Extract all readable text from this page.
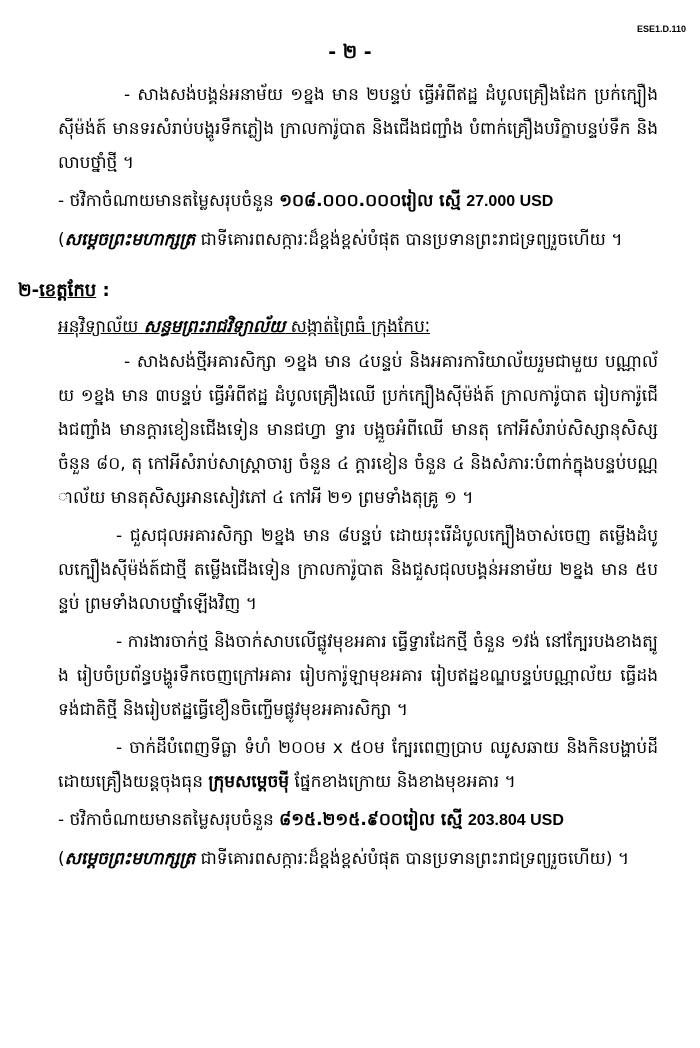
ESE1.D.110
- ២ -

- សាងសង់បង្គន់អនាម័យ ១ខ្នង មាន ២បន្ទប់ ធ្វើអំពីឥដ្ឋ ដំបូលគ្រឿងដែក ប្រក់ក្បឿងស៊ីម៉ង់ត៍ មានទរសំរាប់បង្ហូរទឹកភ្លៀង ក្រាលការ៉ូបាត និងជើងជញ្ជាំង បំពាក់គ្រឿងបរិក្ខាបន្ទប់ទឹក និងលាបថ្នាំថ្មី ។

- ថវិកាចំណាយមានតម្លៃសរុបចំនួន ១០៨.០០០.០០០រៀល ស្មើ 27.000 USD

(សម្តេចព្រះមហាក្សត្រ ជាទីគោរពសក្ការៈដ៏ខ្ពង់ខ្ពស់បំផុត បានប្រទានព្រះរាជទ្រព្យរួចហើយ ។

២-ខេត្តកែប :
អនុវិទ្យាល័យ សន្ធមព្រះរាជវិទ្យាល័យ សង្កាត់ព្រៃធំ ក្រុងកែបៈ

- សាងសង់ថ្មីអគារសិក្សា ១ខ្នង មាន ៤បន្ទប់ និងអគារការិយាល័យរួមជាមួយ បណ្ណាល័យ ១ខ្នង មាន ៣បន្ទប់ ធ្វើអំពីឥដ្ឋ ដំបូលគ្រឿងឈើ ប្រក់ក្បឿងស៊ីម៉ង់ត៍ ក្រាលការ៉ូបាត រៀបការ៉ូជើងជញ្ជាំង មានក្ដារខៀនជើងទៀន មានជហ្វា ទ្វារ បង្អួចអំពីឈើ មានតុ កៅអីសំរាប់សិស្សានុសិស្ស ចំនួន ៨០, តុ កៅអីសំរាប់សាស្ត្រាចារ្យ ចំនួន ៤ ក្ដារខៀន ចំនួន ៤ និងសំភារៈបំពាក់ក្នុងបន្ទប់បណ្ណាល័យ មានតុសិស្សអានសៀវភៅ ៤ កៅអី ២១ ព្រមទាំងតុគ្រូ ១ ។

- ជួសជុលអគារសិក្សា ២ខ្នង មាន ៨បន្ទប់ ដោយរុះរើដំបូលក្បឿងចាស់ចេញ តម្លើងដំបូលក្បឿងស៊ីម៉ង់ត៍ជាថ្មី តម្លើងជើងទៀន ក្រាលការ៉ូបាត និងជួសជុលបង្គន់អនាម័យ ២ខ្នង មាន ៥បន្ទប់ ព្រមទាំងលាបថ្នាំឡើងវិញ ។

- ការងារចាក់ថ្ម និងចាក់សាបលើផ្លូវមុខអគារ ធ្វើទ្វារដែកថ្មី ចំនួន ១វង់ នៅក្បែរបងខាងត្បូង រៀបចំប្រព័ន្ធបង្ហូរទឹកចេញក្រៅអគារ រៀបការ៉ូឡាមុខអគារ រៀបឥដ្ឋខណ្ឌបន្ទប់បណ្ណាល័យ ធ្វើដងទង់ជាតិថ្មី និងរៀបឥដ្ឋធ្វើខឿនចិញ្ចើមផ្លូវមុខអគារសិក្សា ។

- ចាក់ដីបំពេញទីធ្លា ទំហំ ២០០ម x ៥០ម ក្បែរពេញប្រាប ឈូសឆាយ និងកិនបង្ហាប់ដី ដោយគ្រឿងយន្តចុងធុន ក្រុមសម្តេចម៉ី ផ្នែកខាងក្រោយ និងខាងមុខអគារ ។

- ថវិកាចំណាយមានតម្លៃសរុបចំនួន ៨១៥.២១៥.៩០០រៀល ស្មើ 203.804 USD

(សម្តេចព្រះមហាក្សត្រ ជាទីគោរពសក្ការៈដ៏ខ្ពង់ខ្ពស់បំផុត បានប្រទានព្រះរាជទ្រព្យរួចហើយ) ។
